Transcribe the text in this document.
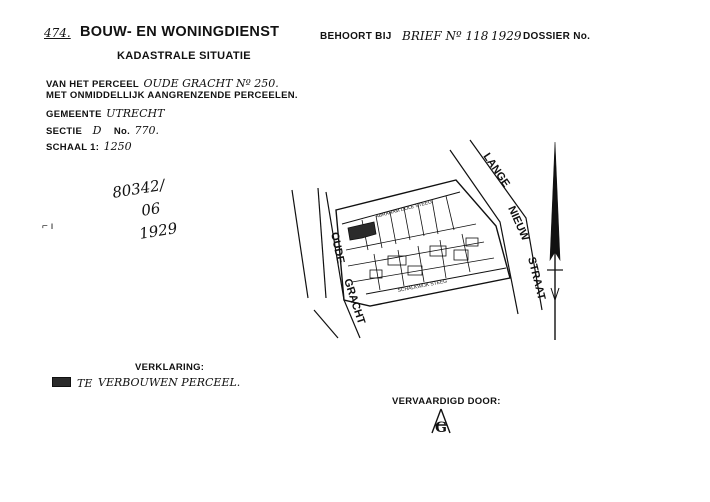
474. BOUW- EN WONINGDIENST	BEHOORT BIJ BRIEF Nº 118 1929 DOSSIER No.
KADASTRALE SITUATIE
VAN HET PERCEEL OUDE GRACHT Nº 250.
MET ONMIDDELLIJK AANGRENZENDE PERCEELEN.
GEMEENTE UTRECHT
SECTIE D No. 770.
SCHAAL 1: 1250
80342/
06
1929
⌐ ı
OUDE
GRACHT
LANGE
NIEUW
STRAAT
ABRAHAM DOLE STEEG
SCHALKWIJK STEEG
VERKLARING:
TE VERBOUWEN PERCEEL.
VERVAARDIGD DOOR:
G
